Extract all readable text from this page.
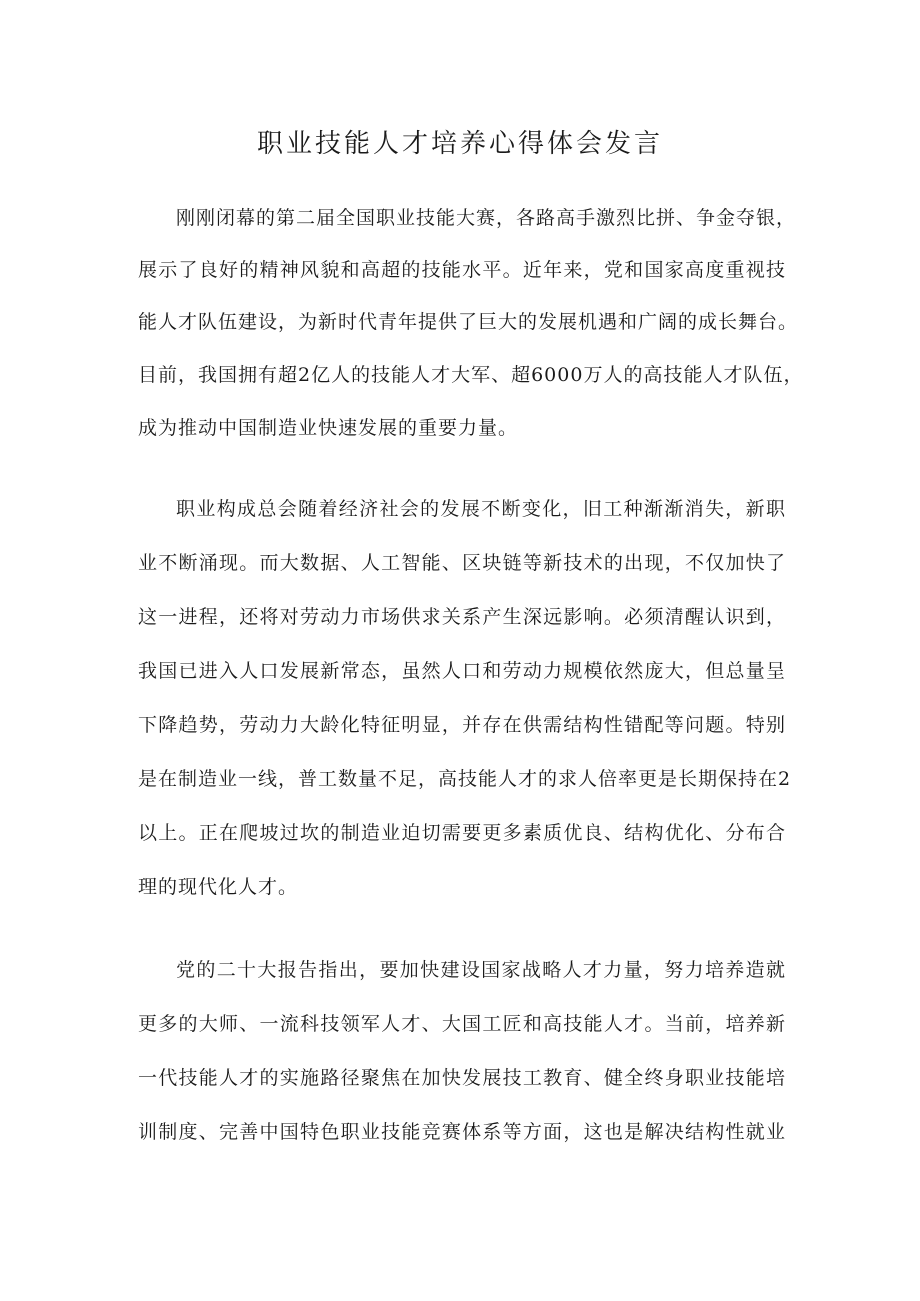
职业技能人才培养心得体会发言
刚刚闭幕的第二届全国职业技能大赛，各路高手激烈比拼、争金夺银，
展示了良好的精神风貌和高超的技能水平。近年来，党和国家高度重视技
能人才队伍建设，为新时代青年提供了巨大的发展机遇和广阔的成长舞台。
目前，我国拥有超2亿人的技能人才大军、超6000万人的高技能人才队伍，
成为推动中国制造业快速发展的重要力量。
职业构成总会随着经济社会的发展不断变化，旧工种渐渐消失，新职
业不断涌现。而大数据、人工智能、区块链等新技术的出现，不仅加快了
这一进程，还将对劳动力市场供求关系产生深远影响。必须清醒认识到，
我国已进入人口发展新常态，虽然人口和劳动力规模依然庞大，但总量呈
下降趋势，劳动力大龄化特征明显，并存在供需结构性错配等问题。特别
是在制造业一线，普工数量不足，高技能人才的求人倍率更是长期保持在2
以上。正在爬坡过坎的制造业迫切需要更多素质优良、结构优化、分布合
理的现代化人才。
党的二十大报告指出，要加快建设国家战略人才力量，努力培养造就
更多的大师、一流科技领军人才、大国工匠和高技能人才。当前，培养新
一代技能人才的实施路径聚焦在加快发展技工教育、健全终身职业技能培
训制度、完善中国特色职业技能竞赛体系等方面，这也是解决结构性就业
